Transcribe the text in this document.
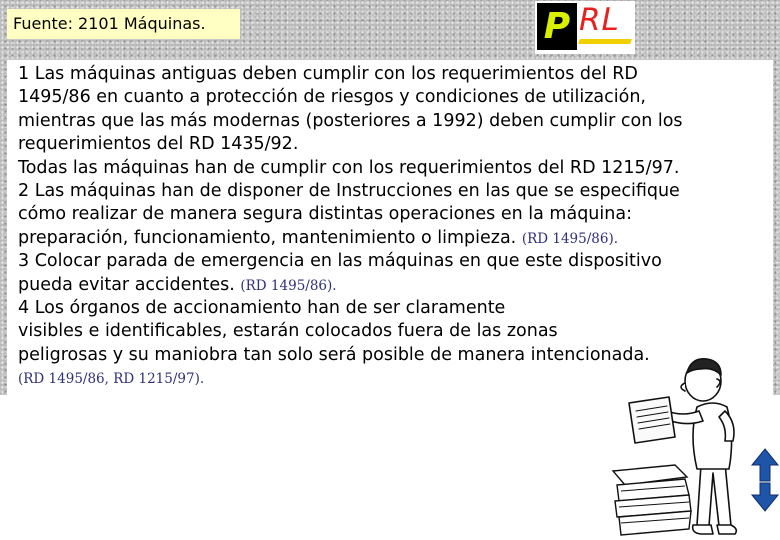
Fuente: 2101 Máquinas.	P RL
1 Las máquinas antiguas deben cumplir con los requerimientos del RD
1495/86 en cuanto a protección de riesgos y condiciones de utilización,
mientras que las más modernas (posteriores a 1992) deben cumplir con los
requerimientos del RD 1435/92.
Todas las máquinas han de cumplir con los requerimientos del RD 1215/97.
2 Las máquinas han de disponer de Instrucciones en las que se especifique
cómo realizar de manera segura distintas operaciones en la máquina:
preparación, funcionamiento, mantenimiento o limpieza. (RD 1495/86).
3 Colocar parada de emergencia en las máquinas en que este dispositivo
pueda evitar accidentes. (RD 1495/86).
4 Los órganos de accionamiento han de ser claramente
visibles e identificables, estarán colocados fuera de las zonas
peligrosas y su maniobra tan solo será posible de manera intencionada.
(RD 1495/86, RD 1215/97).
